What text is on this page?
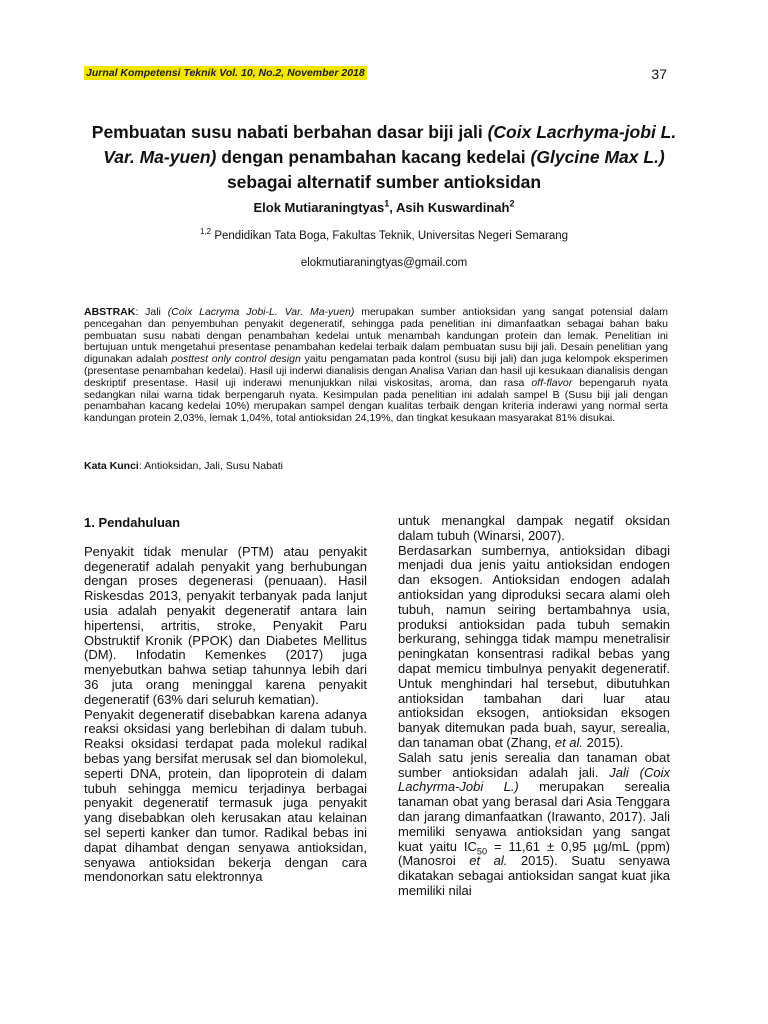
Jurnal Kompetensi Teknik Vol. 10, No.2, November 2018	37
Pembuatan susu nabati berbahan dasar biji jali (Coix Lacrhyma-jobi L. Var. Ma-yuen) dengan penambahan kacang kedelai (Glycine Max L.) sebagai alternatif sumber antioksidan
Elok Mutiaraningtyas$^1$, Asih Kuswardinah$^2$
$^{1,2}$ Pendidikan Tata Boga, Fakultas Teknik, Universitas Negeri Semarang
elokmutiaraningtyas@gmail.com
ABSTRAK: Jali (Coix Lacryma Jobi-L. Var. Ma-yuen) merupakan sumber antioksidan yang sangat potensial dalam pencegahan dan penyembuhan penyakit degeneratif, sehingga pada penelitian ini dimanfaatkan sebagai bahan baku pembuatan susu nabati dengan penambahan kedelai untuk menambah kandungan protein dan lemak. Penelitian ini bertujuan untuk mengetahui presentase penambahan kedelai terbaik dalam pembuatan susu biji jali. Desain penelitian yang digunakan adalah posttest only control design yaitu pengamatan pada kontrol (susu biji jali) dan juga kelompok eksperimen (presentase penambahan kedelai). Hasil uji inderwi dianalisis dengan Analisa Varian dan hasil uji kesukaan dianalisis dengan deskriptif presentase. Hasil uji inderawi menunjukkan nilai viskositas, aroma, dan rasa off-flavor bepengaruh nyata sedangkan nilai warna tidak berpengaruh nyata. Kesimpulan pada penelitian ini adalah sampel B (Susu biji jali dengan penambahan kacang kedelai 10%) merupakan sampel dengan kualitas terbaik dengan kriteria inderawi yang normal serta kandungan protein 2,03%, lemak 1,04%, total antioksidan 24,19%, dan tingkat kesukaan masyarakat 81% disukai.
Kata Kunci: Antioksidan, Jali, Susu Nabati
1. Pendahuluan

Penyakit tidak menular (PTM) atau penyakit degeneratif adalah penyakit yang berhubungan dengan proses degenerasi (penuaan). Hasil Riskesdas 2013, penyakit terbanyak pada lanjut usia adalah penyakit degeneratif antara lain hipertensi, artritis, stroke, Penyakit Paru Obstruktif Kronik (PPOK) dan Diabetes Mellitus (DM). Infodatin Kemenkes (2017) juga menyebutkan bahwa setiap tahunnya lebih dari 36 juta orang meninggal karena penyakit degeneratif (63% dari seluruh kematian).

Penyakit degeneratif disebabkan karena adanya reaksi oksidasi yang berlebihan di dalam tubuh. Reaksi oksidasi terdapat pada molekul radikal bebas yang bersifat merusak sel dan biomolekul, seperti DNA, protein, dan lipoprotein di dalam tubuh sehingga memicu terjadinya berbagai penyakit degeneratif termasuk juga penyakit yang disebabkan oleh kerusakan atau kelainan sel seperti kanker dan tumor. Radikal bebas ini dapat dihambat dengan senyawa antioksidan, senyawa antioksidan bekerja dengan cara mendonorkan satu elektronnya

untuk menangkal dampak negatif oksidan dalam tubuh (Winarsi, 2007).

Berdasarkan sumbernya, antioksidan dibagi menjadi dua jenis yaitu antioksidan endogen dan eksogen. Antioksidan endogen adalah antioksidan yang diproduksi secara alami oleh tubuh, namun seiring bertambahnya usia, produksi antioksidan pada tubuh semakin berkurang, sehingga tidak mampu menetralisir peningkatan konsentrasi radikal bebas yang dapat memicu timbulnya penyakit degeneratif. Untuk menghindari hal tersebut, dibutuhkan antioksidan tambahan dari luar atau antioksidan eksogen, antioksidan eksogen banyak ditemukan pada buah, sayur, serealia, dan tanaman obat (Zhang, et al. 2015).

Salah satu jenis serealia dan tanaman obat sumber antioksidan adalah jali. Jali (Coix Lachyrma-Jobi L.) merupakan serealia tanaman obat yang berasal dari Asia Tenggara dan jarang dimanfaatkan (Irawanto, 2017). Jali memiliki senyawa antioksidan yang sangat kuat yaitu $IC_{50} = 11,61 \pm 0,95$ µg/mL (ppm) (Manosroi et al. 2015). Suatu senyawa dikatakan sebagai antioksidan sangat kuat jika memiliki nilai
